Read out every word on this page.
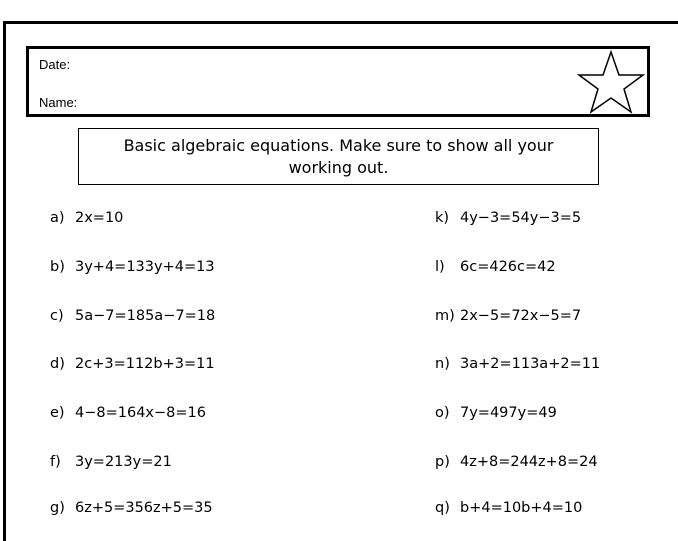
Date:
Name:
Basic algebraic equations. Make sure to show all your working out.
a) 2x=10
b) 3y+4=133y+4=13
c) 5a−7=185a−7=18
d) 2c+3=112b+3=11
e) 4−8=164x−8=16
f) 3y=213y=21
g) 6z+5=356z+5=35
k) 4y−3=54y−3=5
l) 6c=426c=42
m) 2x−5=72x−5=7
n) 3a+2=113a+2=11
o) 7y=497y=49
p) 4z+8=244z+8=24
q) b+4=10b+4=10
